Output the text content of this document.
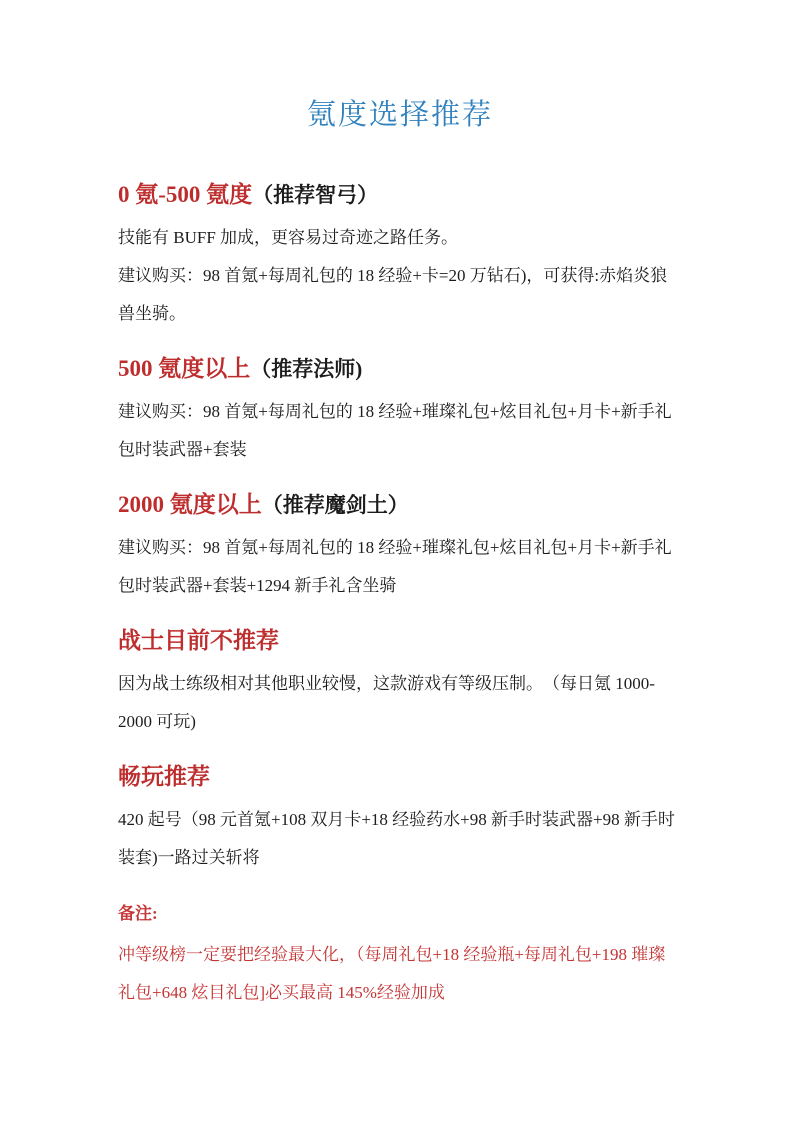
氪度选择推荐
0 氪-500 氪度（推荐智弓）

技能有 BUFF 加成，更容易过奇迹之路任务。

建议购买：98 首氪+每周礼包的 18 经验+卡=20 万钻石)，可获得:赤焰炎狼兽坐骑。

500 氪度以上（推荐法师)

建议购买：98 首氪+每周礼包的 18 经验+璀璨礼包+炫目礼包+月卡+新手礼包时装武器+套装

2000 氪度以上（推荐魔剑土）

建议购买：98 首氪+每周礼包的 18 经验+璀璨礼包+炫目礼包+月卡+新手礼包时装武器+套装+1294 新手礼含坐骑

战士目前不推荐

因为战士练级相对其他职业较慢，这款游戏有等级压制。　（每日氪 1000-2000 可玩)

畅玩推荐

420 起号（98 元首氪+108 双月卡+18 经验药水+98 新手时装武器+98 新手时装套)一路过关斩将

备注:

冲等级榜一定要把经验最大化，（每周礼包+18 经验瓶+每周礼包+198 璀璨礼包+648 炫目礼包]必买最高 145%经验加成
